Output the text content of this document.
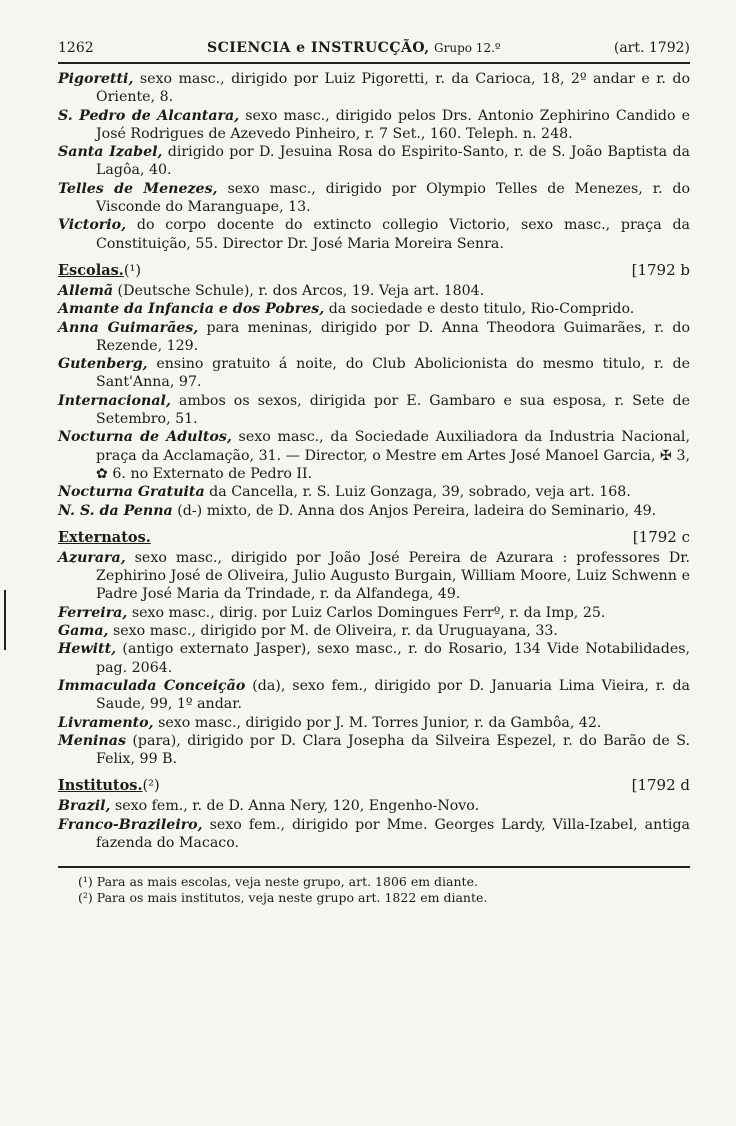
1262	SCIENCIA e INSTRUCÇÃO, Grupo 12.º	(art. 1792)

Pigoretti, sexo masc., dirigido por Luiz Pigoretti, r. da Carioca, 18, 2º andar e r. do Oriente, 8.

S. Pedro de Alcantara, sexo masc., dirigido pelos Drs. Antonio Zephirino Candido e José Rodrigues de Azevedo Pinheiro, r. 7 Set., 160. Teleph. n. 248.

Santa Izabel, dirigido por D. Jesuina Rosa do Espirito-Santo, r. de S. João Baptista da Lagôa, 40.

Telles de Menezes, sexo masc., dirigido por Olympio Telles de Menezes, r. do Visconde do Maranguape, 13.

Victorio, do corpo docente do extincto collegio Victorio, sexo masc., praça da Constituição, 55. Director Dr. José Maria Moreira Senra.

Escolas.(¹)	[1792 b

Allemã (Deutsche Schule), r. dos Arcos, 19. Veja art. 1804.

Amante da Infancia e dos Pobres, da sociedade e desto titulo, Rio-Comprido.

Anna Guimarães, para meninas, dirigido por D. Anna Theodora Guimarães, r. do Rezende, 129.

Gutenberg, ensino gratuito á noite, do Club Abolicionista do mesmo titulo, r. de Sant'Anna, 97.

Internacional, ambos os sexos, dirigida por E. Gambaro e sua esposa, r. Sete de Setembro, 51.

Nocturna de Adultos, sexo masc., da Sociedade Auxiliadora da Industria Nacional, praça da Acclamação, 31. — Director, o Mestre em Artes José Manoel Garcia, ✠ 3, ✿ 6. no Externato de Pedro II.

Nocturna Gratuita da Cancella, r. S. Luiz Gonzaga, 39, sobrado, veja art. 168.

N. S. da Penna (d-) mixto, de D. Anna dos Anjos Pereira, ladeira do Seminario, 49.

Externatos.	[1792 c

Azurara, sexo masc., dirigido por João José Pereira de Azurara : professores Dr. Zephirino José de Oliveira, Julio Augusto Burgain, William Moore, Luiz Schwenn e Padre José Maria da Trindade, r. da Alfandega, 49.

Ferreira, sexo masc., dirig. por Luiz Carlos Domingues Ferrº, r. da Imp, 25.

Gama, sexo masc., dirigido por M. de Oliveira, r. da Uruguayana, 33.

Hewitt, (antigo externato Jasper), sexo masc., r. do Rosario, 134 Vide Notabilidades, pag. 2064.

Immaculada Conceição (da), sexo fem., dirigido por D. Januaria Lima Vieira, r. da Saude, 99, 1º andar.

Livramento, sexo masc., dirigido por J. M. Torres Junior, r. da Gambôa, 42.

Meninas (para), dirigido por D. Clara Josepha da Silveira Espezel, r. do Barão de S. Felix, 99 B.

Institutos.(²)	[1792 d

Brazil, sexo fem., r. de D. Anna Nery, 120, Engenho-Novo.

Franco-Brazileiro, sexo fem., dirigido por Mme. Georges Lardy, Villa-Izabel, antiga fazenda do Macaco.

(¹) Para as mais escolas, veja neste grupo, art. 1806 em diante.
(²) Para os mais institutos, veja neste grupo art. 1822 em diante.
